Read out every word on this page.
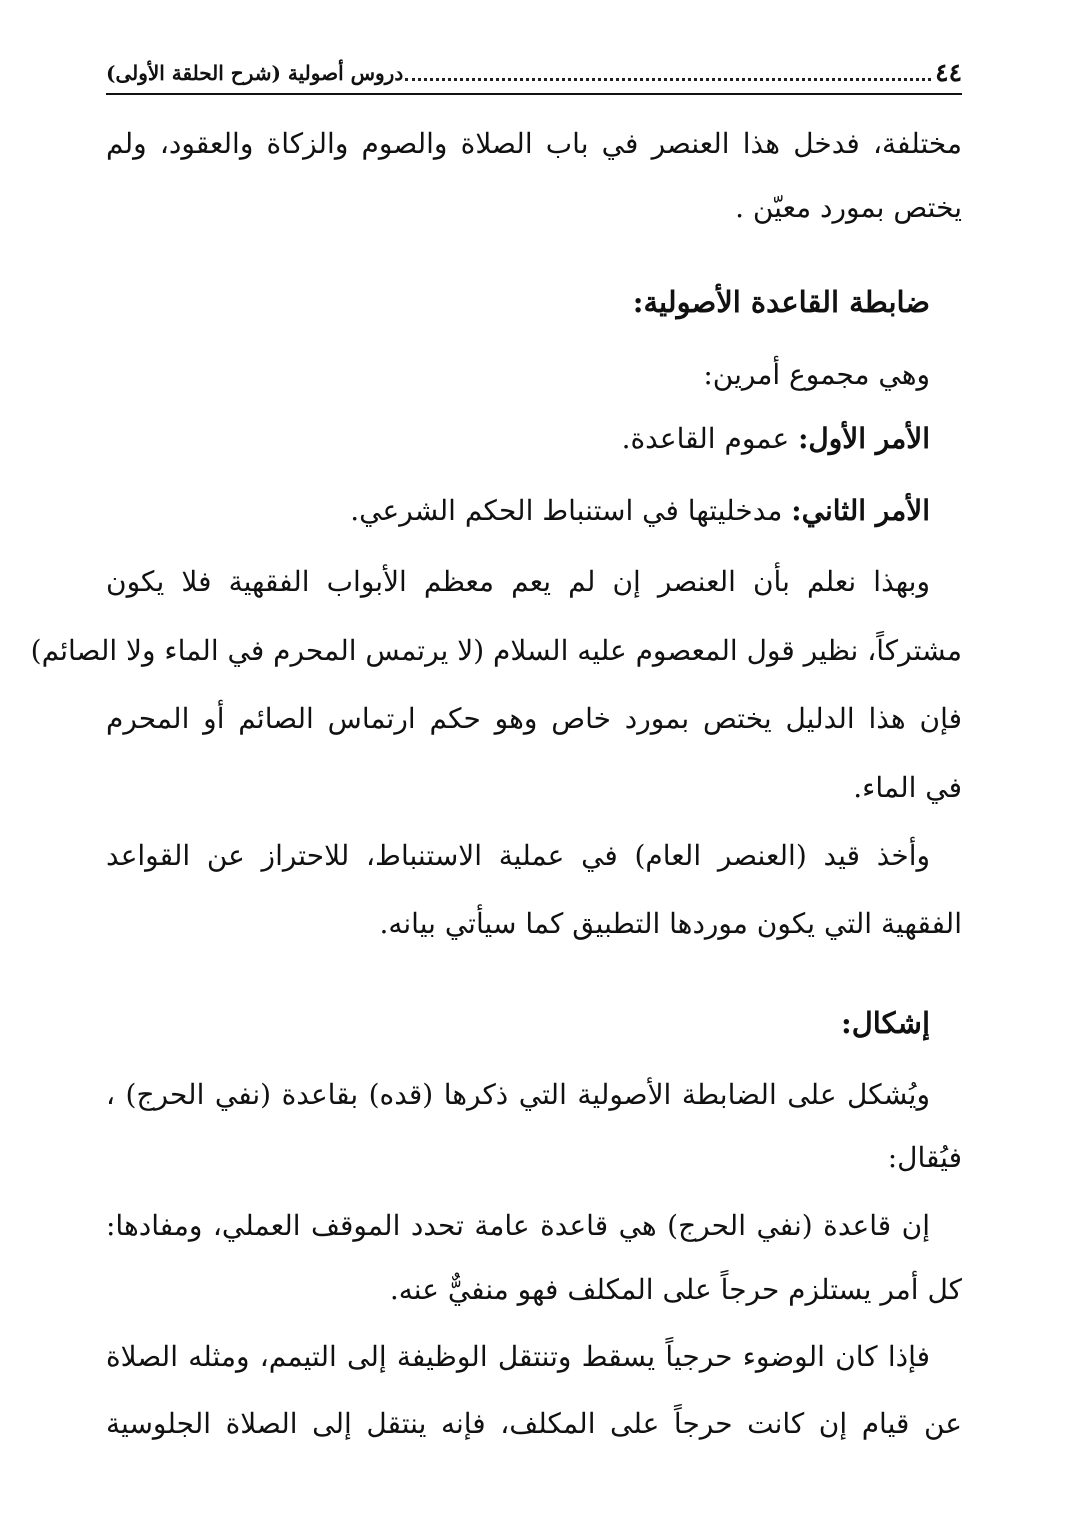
٤٤
دروس أصولية (شرح الحلقة الأولى)
مختلفة، فدخل هذا العنصر في باب الصلاة والصوم والزكاة والعقود، ولم
يختص بمورد معيّن .
ضابطة القاعدة الأصولية:
وهي مجموع أمرين:
الأمر الأول: عموم القاعدة.
الأمر الثاني: مدخليتها في استنباط الحكم الشرعي.
وبهذا نعلم بأن العنصر إن لم يعم معظم الأبواب الفقهية فلا يكون
مشتركاً، نظير قول المعصوم عليه السلام (لا يرتمس المحرم في الماء ولا الصائم)
فإن هذا الدليل يختص بمورد خاص وهو حكم ارتماس الصائم أو المحرم
في الماء.
وأخذ قيد (العنصر العام) في عملية الاستنباط، للاحتراز عن القواعد
الفقهية التي يكون موردها التطبيق كما سيأتي بيانه.
إشكال:
ويُشكل على الضابطة الأصولية التي ذكرها (قده) بقاعدة (نفي الحرج) ،
فيُقال:
إن قاعدة (نفي الحرج) هي قاعدة عامة تحدد الموقف العملي، ومفادها:
كل أمر يستلزم حرجاً على المكلف فهو منفيٌّ عنه.
فإذا كان الوضوء حرجياً يسقط وتنتقل الوظيفة إلى التيمم، ومثله الصلاة
عن قيام إن كانت حرجاً على المكلف، فإنه ينتقل إلى الصلاة الجلوسية
